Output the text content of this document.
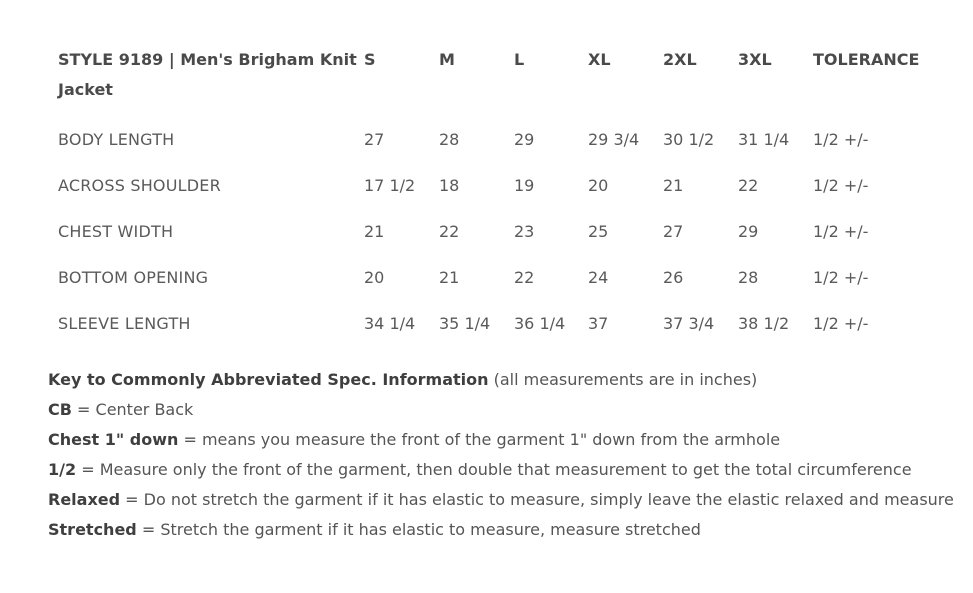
STYLE 9189 | Men's Brigham Knit Jacket	S	M	L	XL	2XL	3XL	TOLERANCE
BODY LENGTH	27	28	29	29 3/4	30 1/2	31 1/4	1/2 +/-
ACROSS SHOULDER	17 1/2	18	19	20	21	22	1/2 +/-
CHEST WIDTH	21	22	23	25	27	29	1/2 +/-
BOTTOM OPENING	20	21	22	24	26	28	1/2 +/-
SLEEVE LENGTH	34 1/4	35 1/4	36 1/4	37	37 3/4	38 1/2	1/2 +/-
Key to Commonly Abbreviated Spec. Information (all measurements are in inches)
CB = Center Back
Chest 1" down = means you measure the front of the garment 1" down from the armhole
1/2 = Measure only the front of the garment, then double that measurement to get the total circumference
Relaxed = Do not stretch the garment if it has elastic to measure, simply leave the elastic relaxed and measure
Stretched = Stretch the garment if it has elastic to measure, measure stretched
